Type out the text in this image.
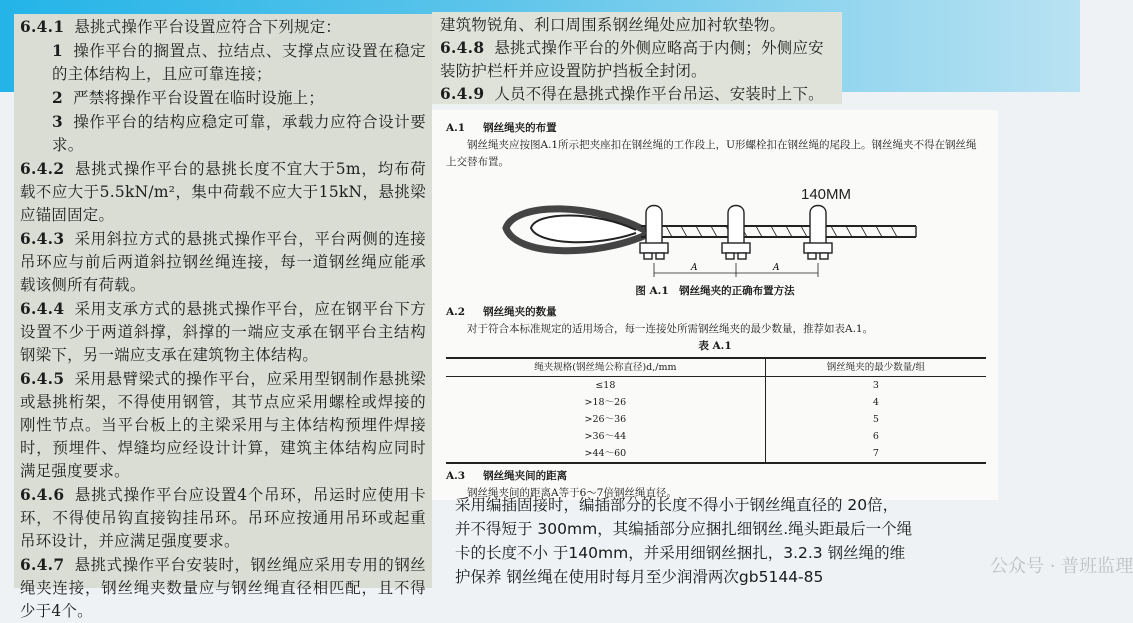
6.4.1 悬挑式操作平台设置应符合下列规定：

1 操作平台的搁置点、拉结点、支撑点应设置在稳定的主体结构上，且应可靠连接；

2 严禁将操作平台设置在临时设施上；

3 操作平台的结构应稳定可靠，承载力应符合设计要求。

6.4.2 悬挑式操作平台的悬挑长度不宜大于5m，均布荷载不应大于5.5kN/m²，集中荷载不应大于15kN，悬挑梁应锚固固定。

6.4.3 采用斜拉方式的悬挑式操作平台，平台两侧的连接吊环应与前后两道斜拉钢丝绳连接，每一道钢丝绳应能承载该侧所有荷载。

6.4.4 采用支承方式的悬挑式操作平台，应在钢平台下方设置不少于两道斜撑，斜撑的一端应支承在钢平台主结构钢梁下，另一端应支承在建筑物主体结构。

6.4.5 采用悬臂梁式的操作平台，应采用型钢制作悬挑梁或悬挑桁架，不得使用钢管，其节点应采用螺栓或焊接的刚性节点。当平台板上的主梁采用与主体结构预埋件焊接时，预埋件、焊缝均应经设计计算，建筑主体结构应同时满足强度要求。

6.4.6 悬挑式操作平台应设置4个吊环，吊运时应使用卡环，不得使吊钩直接钩挂吊环。吊环应按通用吊环或起重吊环设计，并应满足强度要求。

6.4.7 悬挑式操作平台安装时，钢丝绳应采用专用的钢丝绳夹连接，钢丝绳夹数量应与钢丝绳直径相匹配，且不得少于4个。

建筑物锐角、利口周围系钢丝绳处应加衬软垫物。

6.4.8 悬挑式操作平台的外侧应略高于内侧；外侧应安装防护栏杆并应设置防护挡板全封闭。

6.4.9 人员不得在悬挑式操作平台吊运、安装时上下。

A.1 钢丝绳夹的布置

钢丝绳夹应按图A.1所示把夹座扣在钢丝绳的工作段上，U形螺栓扣在钢丝绳的尾段上。钢丝绳夹不得在钢丝绳上交替布置。

A	A
140MM

图 A.1　钢丝绳夹的正确布置方法

A.2 钢丝绳夹的数量

对于符合本标准规定的适用场合，每一连接处所需钢丝绳夹的最少数量，推荐如表A.1。

表 A.1

绳夹规格(钢丝绳公称直径)d,/mm	钢丝绳夹的最少数量/组
≤18	3
>18～26	4
>26～36	5
>36～44	6
>44～60	7
A.3 钢丝绳夹间的距离

钢丝绳夹间的距离A等于6～7倍钢丝绳直径。

采用编插固接时，编插部分的长度不得小于钢丝绳直径的 20倍，

并不得短于 300mm，其编插部分应捆扎细钢丝.绳头距最后一个绳

卡的长度不小 于140mm，并采用细钢丝捆扎，3.2.3 钢丝绳的维

护保养 钢丝绳在使用时每月至少润滑两次gb5144-85	公众号 · 普班监理
